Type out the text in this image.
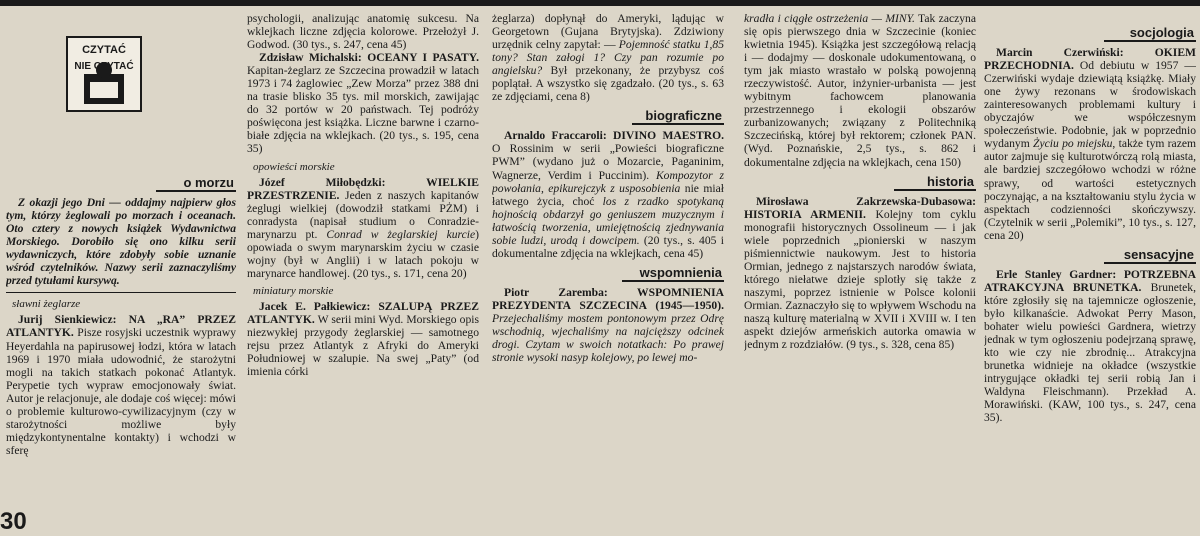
CZYTAĆ
NIE CZYTAĆ
o morzu

Z okazji jego Dni — oddajmy najpierw głos tym, którzy żeglowali po morzach i oceanach. Oto cztery z nowych książek Wydawnictwa Morskiego. Dorobiło się ono kilku serii wydawniczych, które zdobyły sobie uznanie wśród czytelników. Nazwy serii zaznaczyliśmy przed tytułami kursywą.

sławni żeglarze

Jurij Sienkiewicz: NA „RA” PRZEZ ATLANTYK. Pisze rosyjski uczestnik wyprawy Heyerdahla na papirusowej łodzi, która w latach 1969 i 1970 miała udowodnić, że starożytni mogli na takich statkach pokonać Atlantyk. Perypetie tych wypraw emocjonowały świat. Autor je relacjonuje, ale dodaje coś więcej: mówi o problemie kulturowo-cywilizacyjnym (czy w starożytności możliwe były międzykontynentalne kontakty) i wchodzi w sferę

psychologii, analizując anatomię sukcesu. Na wklejkach liczne zdjęcia kolorowe. Przełożył J. Godwod. (30 tys., s. 247, cena 45)

Zdzisław Michalski: OCEANY I PASATY. Kapitan-żeglarz ze Szczecina prowadził w latach 1973 i 74 żaglowiec „Zew Morza” przez 388 dni na trasie blisko 35 tys. mil morskich, zawijając do 32 portów w 20 państwach. Tej podróży poświęcona jest książka. Liczne barwne i czarno-białe zdjęcia na wklejkach. (20 tys., s. 195, cena 35)

opowieści morskie

Józef Miłobędzki: WIELKIE PRZESTRZENIE. Jeden z naszych kapitanów żeglugi wielkiej (dowodził statkami PŻM) i conradysta (napisał studium o Conradzie-marynarzu pt. Conrad w żeglarskiej kurcie) opowiada o swym marynarskim życiu w czasie wojny (był w Anglii) i w latach pokoju w marynarce handlowej. (20 tys., s. 171, cena 20)

miniatury morskie

Jacek E. Pałkiewicz: SZALUPĄ PRZEZ ATLANTYK. W serii mini Wyd. Morskiego opis niezwykłej przygody żeglarskiej — samotnego rejsu przez Atlantyk z Afryki do Ameryki Południowej w szalupie. Na swej „Paty” (od imienia córki

żeglarza) dopłynął do Ameryki, lądując w Georgetown (Gujana Brytyjska). Zdziwiony urzędnik celny zapytał: — Pojemność statku 1,85 tony? Stan załogi 1? Czy pan rozumie po angielsku? Był przekonany, że przybysz coś poplątał. A wszystko się zgadzało. (20 tys., s. 63 ze zdjęciami, cena 8)

biograficzne

Arnaldo Fraccaroli: DIVINO MAESTRO. O Rossinim w serii „Powieści biograficzne PWM” (wydano już o Mozarcie, Paganinim, Wagnerze, Verdim i Puccinim). Kompozytor z powołania, epikurejczyk z usposobienia nie miał łatwego życia, choć los z rzadko spotykaną hojnością obdarzył go geniuszem muzycznym i łatwością tworzenia, umiejętnością zjednywania sobie ludzi, urodą i dowcipem. (20 tys., s. 405 i dokumentalne zdjęcia na wklejkach, cena 45)

wspomnienia

Piotr Zaremba: WSPOMNIENIA PREZYDENTA SZCZECINA (1945—1950). Przejechaliśmy mostem pontonowym przez Odrę wschodnią, wjechaliśmy na najcięższy odcinek drogi. Czytam w swoich notatkach: Po prawej stronie wysoki nasyp kolejowy, po lewej mo-

kradła i ciągłe ostrzeżenia — MINY. Tak zaczyna się opis pierwszego dnia w Szczecinie (koniec kwietnia 1945). Książka jest szczegółową relacją i — dodajmy — doskonale udokumentowaną, o tym jak miasto wrastało w polską powojenną rzeczywistość. Autor, inżynier-urbanista — jest wybitnym fachowcem planowania przestrzennego i ekologii obszarów zurbanizowanych; związany z Politechniką Szczecińską, której był rektorem; członek PAN. (Wyd. Poznańskie, 2,5 tys., s. 862 i dokumentalne zdjęcia na wklejkach, cena 150)

historia

Mirosława Zakrzewska-Dubasowa: HISTORIA ARMENII. Kolejny tom cyklu monografii historycznych Ossolineum — i jak wiele poprzednich „pionierski w naszym piśmiennictwie naukowym. Jest to historia Ormian, jednego z najstarszych narodów świata, którego niełatwe dzieje splotły się także z naszymi, poprzez istnienie w Polsce kolonii Ormian. Zaznaczyło się to wpływem Wschodu na naszą kulturę materialną w XVII i XVIII w. I ten aspekt dziejów armeńskich autorka omawia w jednym z rozdziałów. (9 tys., s. 328, cena 85)

socjologia

Marcin Czerwiński: OKIEM PRZECHODNIA. Od debiutu w 1957 — Czerwiński wydaje dziewiątą książkę. Miały one żywy rezonans w środowiskach zainteresowanych problemami kultury i obyczajów we współczesnym społeczeństwie. Podobnie, jak w poprzednio wydanym Życiu po miejsku, także tym razem autor zajmuje się kulturotwórczą rolą miasta, ale bardziej szczegółowo wchodzi w różne sprawy, od wartości estetycznych poczynając, a na kształtowaniu stylu życia w aspektach codzienności skończywszy. (Czytelnik w serii „Polemiki”, 10 tys., s. 127, cena 20)

sensacyjne

Erle Stanley Gardner: POTRZEBNA ATRAKCYJNA BRUNETKA. Brunetek, które zgłosiły się na tajemnicze ogłoszenie, było kilkanaście. Adwokat Perry Mason, bohater wielu powieści Gardnera, wietrzy jednak w tym ogłoszeniu podejrzaną sprawę, kto wie czy nie zbrodnię... Atrakcyjna brunetka widnieje na okładce (wszystkie intrygujące okładki tej serii robią Jan i Waldyna Fleischmann). Przekład A. Morawiński. (KAW, 100 tys., s. 247, cena 35).

30
